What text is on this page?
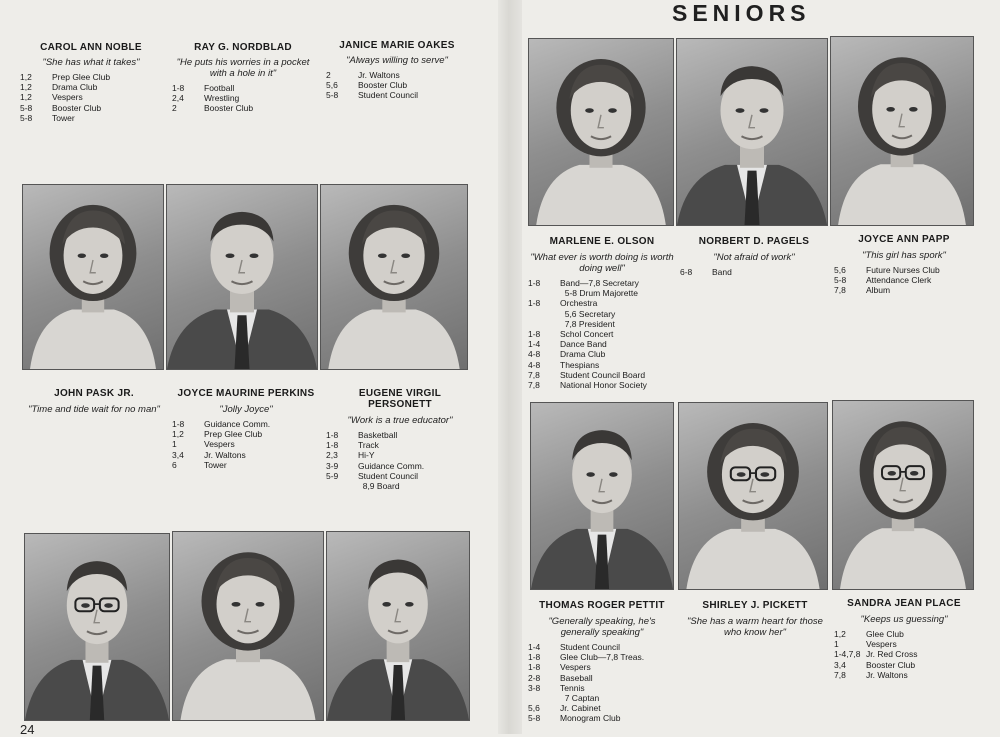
SENIORS
CAROL ANN NOBLE
"She has what it takes"
1,2	Prep Glee Club
1,2	Drama Club
1,2	Vespers
5-8	Booster Club
5-8	Tower
RAY G. NORDBLAD
"He puts his worries in a pocket with a hole in it"
1-8	Football
2,4	Wrestling
2	Booster Club
JANICE MARIE OAKES
"Always willing to serve"
2	Jr. Waltons
5,6	Booster Club
5-8	Student Council
JOHN PASK JR.
"Time and tide wait for no man"
JOYCE MAURINE PERKINS
"Jolly Joyce"
1-8	Guidance Comm.
1,2	Prep Glee Club
1	Vespers
3,4	Jr. Waltons
6	Tower
EUGENE VIRGIL PERSONETT
"Work is a true educator"
1-8	Basketball
1-8	Track
2,3	Hi-Y
3-9	Guidance Comm.
5-9	Student Council
8,9 Board
MARLENE E. OLSON
"What ever is worth doing is worth doing well"
1-8	Band—7,8 Secretary
5-8 Drum Majorette
1-8	Orchestra
5,6 Secretary
7,8 President
1-8	Schol Concert
1-4	Dance Band
4-8	Drama Club
4-8	Thespians
7,8	Student Council Board
7,8	National Honor Society
NORBERT D. PAGELS
"Not afraid of work"
6-8	Band
JOYCE ANN PAPP
"This girl has spork"
5,6	Future Nurses Club
5-8	Attendance Clerk
7,8	Album
THOMAS ROGER PETTIT
"Generally speaking, he's generally speaking"
1-4	Student Council
1-8	Glee Club—7,8 Treas.
1-8	Vespers
2-8	Baseball
3-8	Tennis
7 Captan
5,6	Jr. Cabinet
5-8	Monogram Club
SHIRLEY J. PICKETT
"She has a warm heart for those who know her"
SANDRA JEAN PLACE
"Keeps us guessing"
1,2	Glee Club
1	Vespers
1-4,7,8 Jr. Red Cross
3,4	Booster Club
7,8	Jr. Waltons
24
